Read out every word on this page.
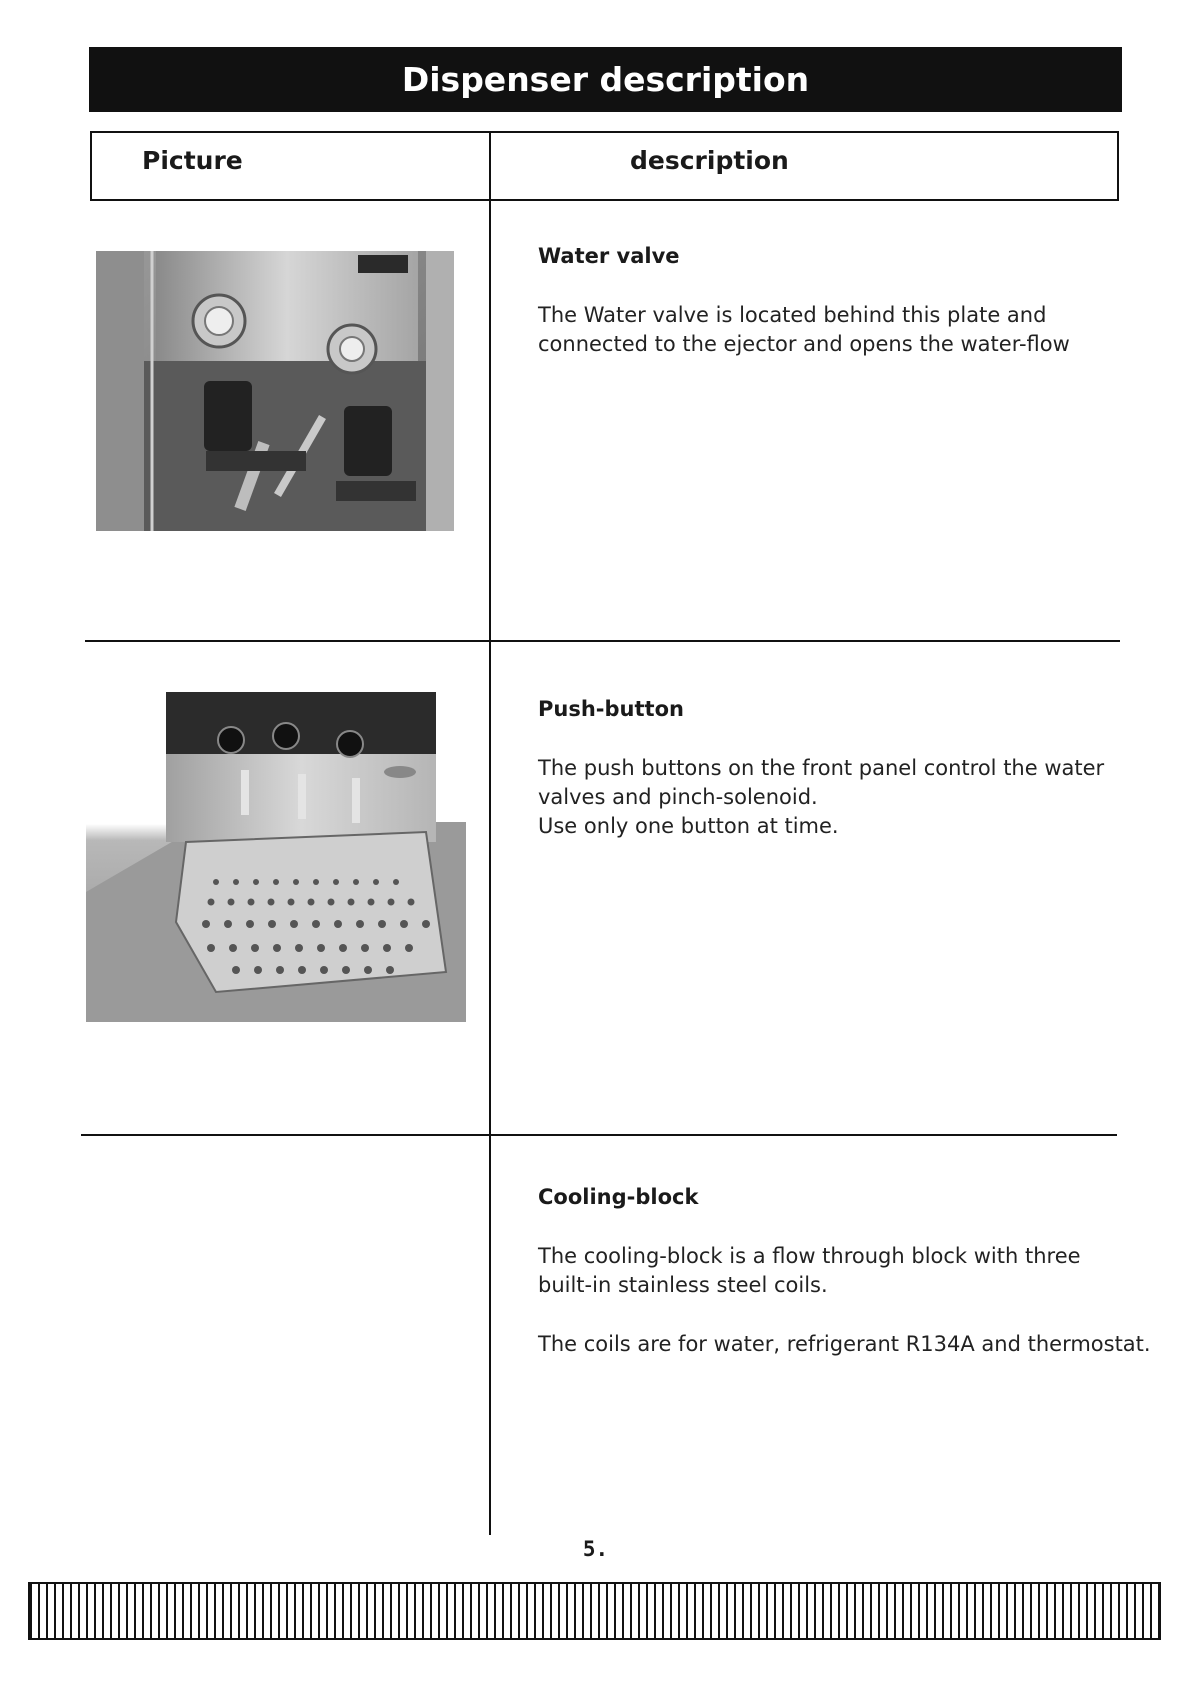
Dispenser description
Picture	description
Water valve
The Water valve is located behind this plate and
connected to the ejector and opens the water-flow
Push-button
The push buttons on the front panel control the water
valves and pinch-solenoid.
Use only one button at time.
Cooling-block
The cooling-block is a flow through block with three
built-in stainless steel coils.
The coils are for water, refrigerant R134A and thermostat.
5.
